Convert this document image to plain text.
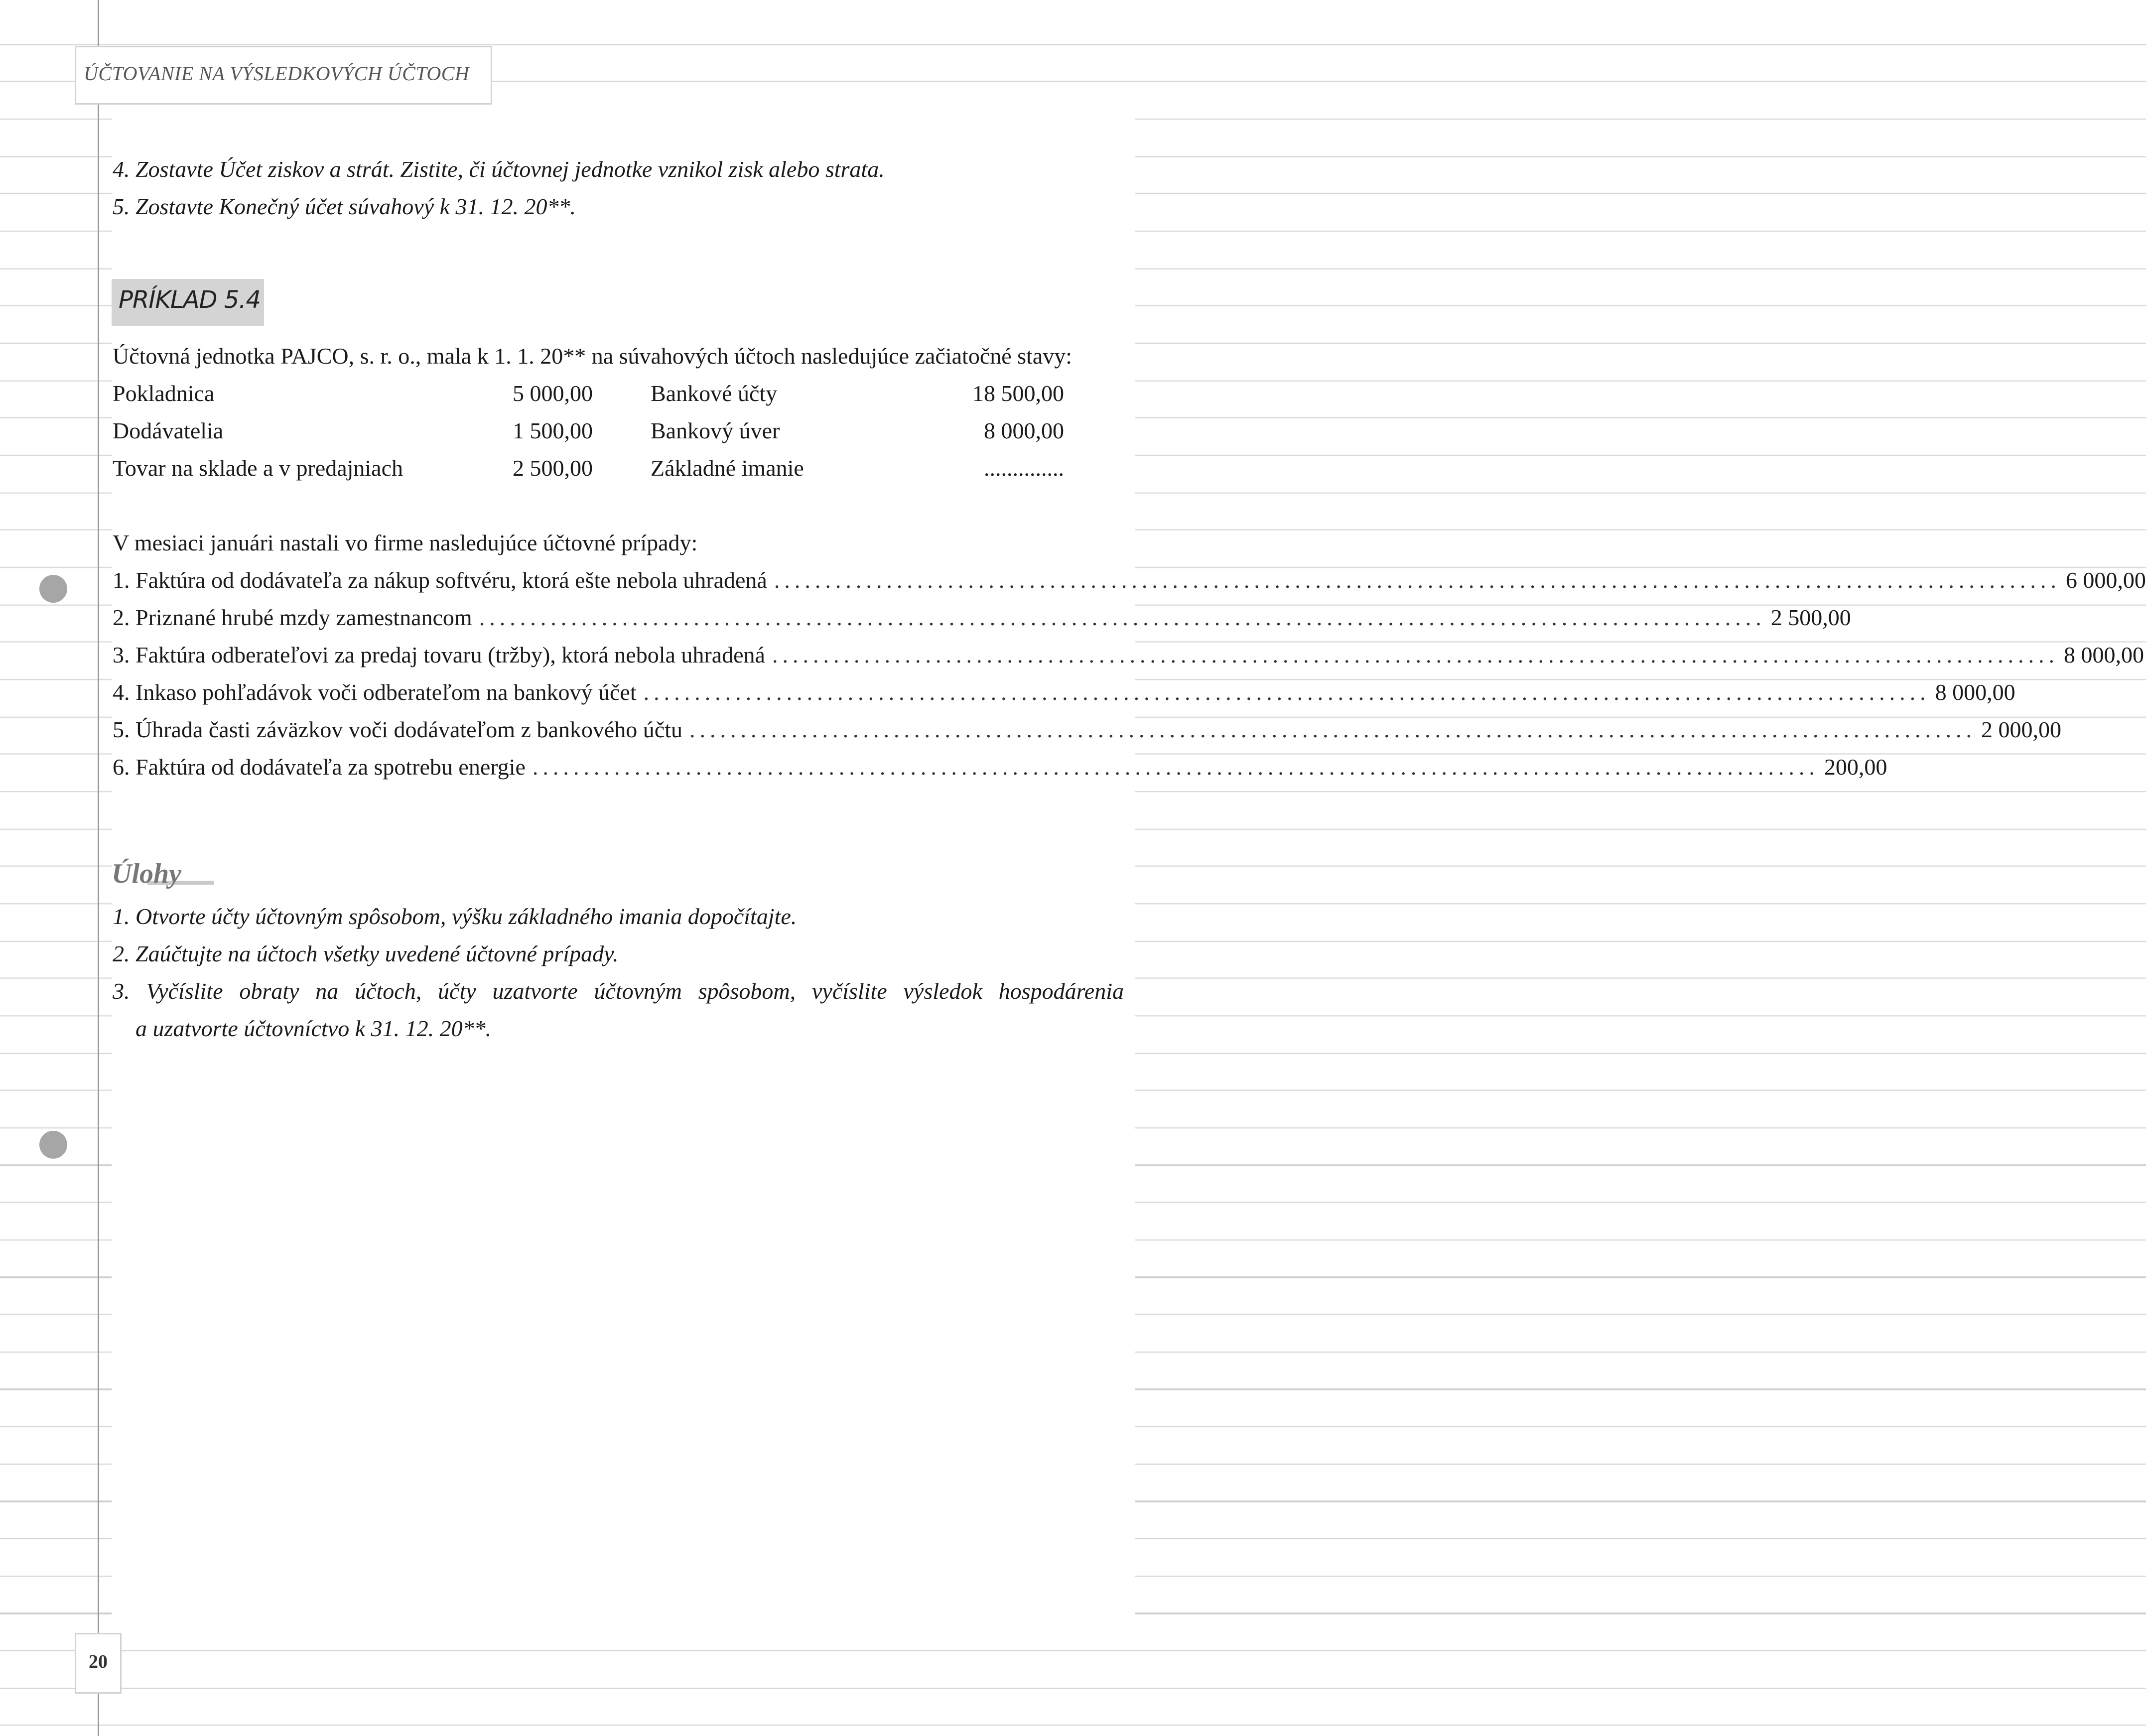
ÚČTOVANIE NA VÝSLEDKOVÝCH ÚČTOCH
4. Zostavte Účet ziskov a strát. Zistite, či účtovnej jednotke vznikol zisk alebo strata.
5. Zostavte Konečný účet súvahový k 31. 12. 20**.
PRÍKLAD 5.4
Účtovná jednotka PAJCO, s. r. o., mala k 1. 1. 20** na súvahových účtoch nasledujúce začiatočné stavy:
Pokladnica	5 000,00	Bankové účty	18 500,00
Dodávatelia	1 500,00	Bankový úver	8 000,00
Tovar na sklade a v predajniach	2 500,00	Základné imanie	..............
V mesiaci januári nastali vo firme nasledujúce účtovné prípady:
1. Faktúra od dodávateľa za nákup softvéru, ktorá ešte nebola uhradená .............................................................................................................................. 6 000,00
2. Priznané hrubé mzdy zamestnancom .............................................................................................................................. 2 500,00
3. Faktúra odberateľovi za predaj tovaru (tržby), ktorá nebola uhradená .............................................................................................................................. 8 000,00
4. Inkaso pohľadávok voči odberateľom na bankový účet .............................................................................................................................. 8 000,00
5. Úhrada časti záväzkov voči dodávateľom z bankového účtu .............................................................................................................................. 2 000,00
6. Faktúra od dodávateľa za spotrebu energie .............................................................................................................................. 200,00
Úlohy
1. Otvorte účty účtovným spôsobom, výšku základného imania dopočítajte.
2. Zaúčtujte na účtoch všetky uvedené účtovné prípady.
3. Vyčíslite obraty na účtoch, účty uzatvorte účtovným spôsobom, vyčíslite výsledok hospodárenia
a uzatvorte účtovníctvo k 31. 12. 20**.
20
